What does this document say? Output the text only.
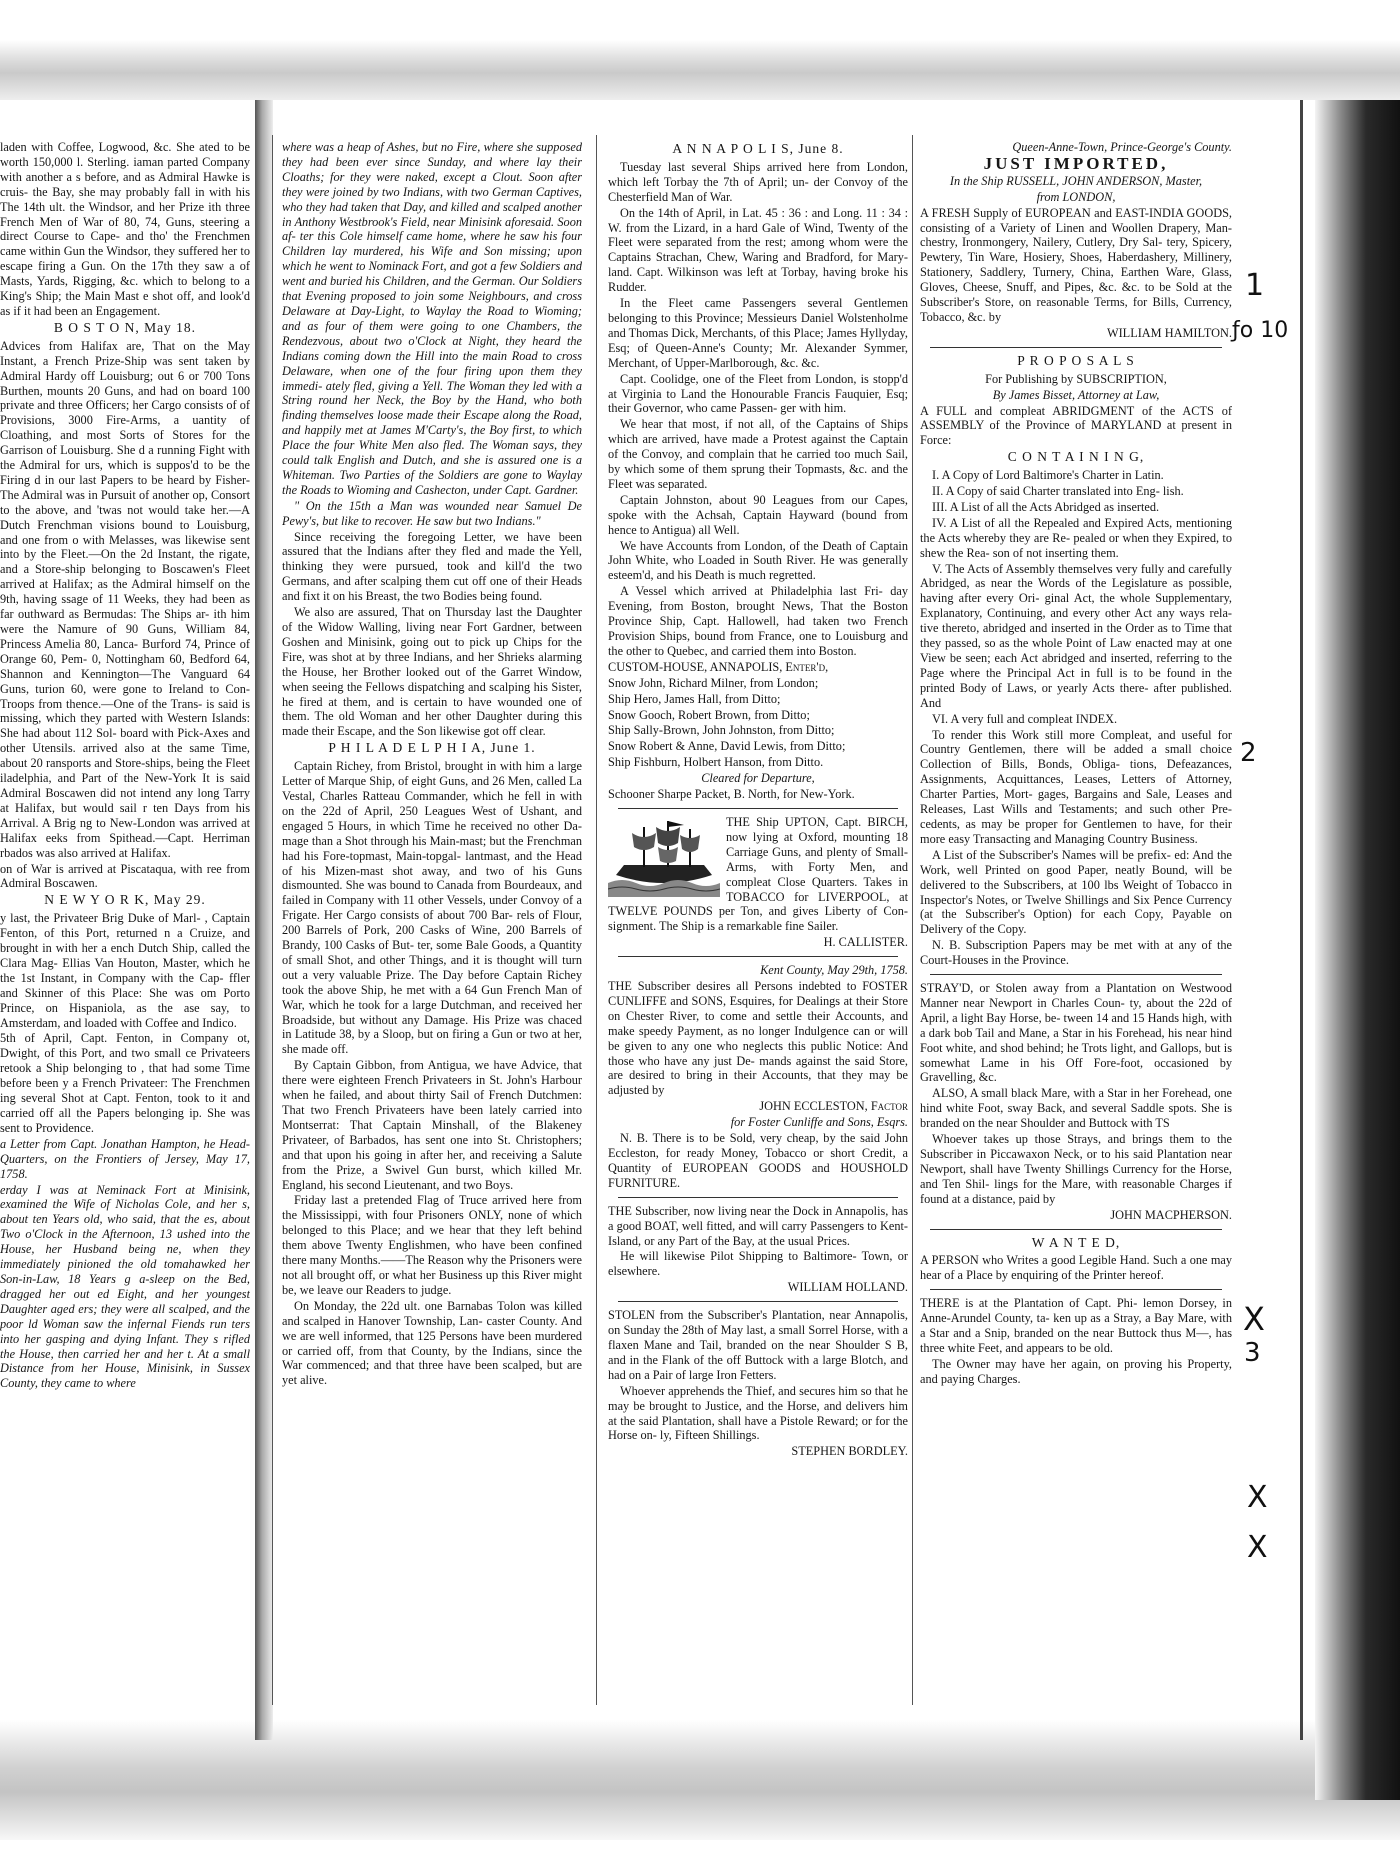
laden with Coffee, Logwood, &c. She ated to be worth 150,000 l. Sterling. iaman parted Company with another a s before, and as Admiral Hawke is cruis- the Bay, she may probably fall in with his The 14th ult. the Windsor, and her Prize ith three French Men of War of 80, 74, Guns, steering a direct Course to Cape- and tho' the Frenchmen came within Gun the Windsor, they suffered her to escape firing a Gun. On the 17th they saw a of Masts, Yards, Rigging, &c. which to belong to a King's Ship; the Main Mast e shot off, and look'd as if it had been an Engagement.

B O S T O N, May 18.

Advices from Halifax are, That on the May Instant, a French Prize-Ship was sent taken by Admiral Hardy off Louisburg; out 6 or 700 Tons Burthen, mounts 20 Guns, and had on board 100 private and three Officers; her Cargo consists of of Provisions, 3000 Fire-Arms, a uantity of Cloathing, and most Sorts of Stores for the Garrison of Louisburg. She d a running Fight with the Admiral for urs, which is suppos'd to be the Firing d in our last Papers to be heard by Fisher- The Admiral was in Pursuit of another op, Consort to the above, and 'twas not would take her.—A Dutch Frenchman visions bound to Louisburg, and one from o with Melasses, was likewise sent into by the Fleet.—On the 2d Instant, the rigate, and a Store-ship belonging to Boscawen's Fleet arrived at Halifax; as the Admiral himself on the 9th, having ssage of 11 Weeks, they had been as far outhward as Bermudas: The Ships ar- ith him were the Namure of 90 Guns, William 84, Princess Amelia 80, Lanca- Burford 74, Prince of Orange 60, Pem- 0, Nottingham 60, Bedford 64, Shannon and Kennington—The Vanguard 64 Guns, turion 60, were gone to Ireland to Con- Troops from thence.—One of the Trans- is said is missing, which they parted with Western Islands: She had about 112 Sol- board with Pick-Axes and other Utensils. arrived also at the same Time, about 20 ransports and Store-ships, being the Fleet iladelphia, and Part of the New-York It is said Admiral Boscawen did not intend any long Tarry at Halifax, but would sail r ten Days from his Arrival. A Brig ng to New-London was arrived at Halifax eeks from Spithead.—Capt. Herriman rbados was also arrived at Halifax.

on of War is arrived at Piscataqua, with ree from Admiral Boscawen.

N E W Y O R K, May 29.

y last, the Privateer Brig Duke of Marl- , Captain Fenton, of this Port, returned n a Cruize, and brought in with her a ench Dutch Ship, called the Clara Mag- Ellias Van Houton, Master, which he the 1st Instant, in Company with the Cap- ffler and Skinner of this Place: She was om Porto Prince, on Hispaniola, as the ase say, to Amsterdam, and loaded with Coffee and Indico.

5th of April, Capt. Fenton, in Company ot, Dwight, of this Port, and two small ce Privateers retook a Ship belonging to , that had some Time before been y a French Privateer: The Frenchmen ing several Shot at Capt. Fenton, took to it and carried off all the Papers belonging ip. She was sent to Providence.

a Letter from Capt. Jonathan Hampton, he Head-Quarters, on the Frontiers of Jersey, May 17, 1758.

erday I was at Neminack Fort at Minisink, examined the Wife of Nicholas Cole, and her s, about ten Years old, who said, that the es, about Two o'Clock in the Afternoon, 13 ushed into the House, her Husband being ne, when they immediately pinioned the old tomahawked her Son-in-Law, 18 Years g a-sleep on the Bed, dragged her out ed Eight, and her youngest Daughter aged ers; they were all scalped, and the poor ld Woman saw the infernal Fiends run ters into her gasping and dying Infant. They s rifled the House, then carried her and her t. At a small Distance from her House, Minisink, in Sussex County, they came to where

where was a heap of Ashes, but no Fire, where she supposed they had been ever since Sunday, and where lay their Cloaths; for they were naked, except a Clout. Soon after they were joined by two Indians, with two German Captives, who they had taken that Day, and killed and scalped another in Anthony Westbrook's Field, near Minisink aforesaid. Soon af- ter this Cole himself came home, where he saw his four Children lay murdered, his Wife and Son missing; upon which he went to Nominack Fort, and got a few Soldiers and went and buried his Children, and the German. Our Soldiers that Evening proposed to join some Neighbours, and cross Delaware at Day-Light, to Waylay the Road to Wioming; and as four of them were going to one Chambers, the Rendezvous, about two o'Clock at Night, they heard the Indians coming down the Hill into the main Road to cross Delaware, when one of the four firing upon them they immedi- ately fled, giving a Yell. The Woman they led with a String round her Neck, the Boy by the Hand, who both finding themselves loose made their Escape along the Road, and happily met at James M'Carty's, the Boy first, to which Place the four White Men also fled. The Woman says, they could talk English and Dutch, and she is assured one is a Whiteman. Two Parties of the Soldiers are gone to Waylay the Roads to Wioming and Cashecton, under Capt. Gardner.

" On the 15th a Man was wounded near Samuel De Pewy's, but like to recover. He saw but two Indians."

Since receiving the foregoing Letter, we have been assured that the Indians after they fled and made the Yell, thinking they were pursued, took and kill'd the two Germans, and after scalping them cut off one of their Heads and fixt it on his Breast, the two Bodies being found.

We also are assured, That on Thursday last the Daughter of the Widow Walling, living near Fort Gardner, between Goshen and Minisink, going out to pick up Chips for the Fire, was shot at by three Indians, and her Shrieks alarming the House, her Brother looked out of the Garret Window, when seeing the Fellows dispatching and scalping his Sister, he fired at them, and is certain to have wounded one of them. The old Woman and her other Daughter during this made their Escape, and the Son likewise got off clear.

P H I L A D E L P H I A, June 1.

Captain Richey, from Bristol, brought in with him a large Letter of Marque Ship, of eight Guns, and 26 Men, called La Vestal, Charles Ratteau Commander, which he fell in with on the 22d of April, 250 Leagues West of Ushant, and engaged 5 Hours, in which Time he received no other Da- mage than a Shot through his Main-mast; but the Frenchman had his Fore-topmast, Main-topgal- lantmast, and the Head of his Mizen-mast shot away, and two of his Guns dismounted. She was bound to Canada from Bourdeaux, and failed in Company with 11 other Vessels, under Convoy of a Frigate. Her Cargo consists of about 700 Bar- rels of Flour, 200 Barrels of Pork, 200 Casks of Wine, 200 Barrels of Brandy, 100 Casks of But- ter, some Bale Goods, a Quantity of small Shot, and other Things, and it is thought will turn out a very valuable Prize. The Day before Captain Richey took the above Ship, he met with a 64 Gun French Man of War, which he took for a large Dutchman, and received her Broadside, but without any Damage. His Prize was chaced in Latitude 38, by a Sloop, but on firing a Gun or two at her, she made off.

By Captain Gibbon, from Antigua, we have Advice, that there were eighteen French Privateers in St. John's Harbour when he failed, and about thirty Sail of French Dutchmen: That two French Privateers have been lately carried into Montserrat: That Captain Minshall, of the Blakeney Privateer, of Barbados, has sent one into St. Christophers; and that upon his going in after her, and receiving a Salute from the Prize, a Swivel Gun burst, which killed Mr. England, his second Lieutenant, and two Boys.

Friday last a pretended Flag of Truce arrived here from the Mississippi, with four Prisoners ONLY, none of which belonged to this Place; and we hear that they left behind them above Twenty Englishmen, who have been confined there many Months.——The Reason why the Prisoners were not all brought off, or what her Business up this River might be, we leave our Readers to judge.

On Monday, the 22d ult. one Barnabas Tolon was killed and scalped in Hanover Township, Lan- caster County. And we are well informed, that 125 Persons have been murdered or carried off, from that County, by the Indians, since the War commenced; and that three have been scalped, but are yet alive.

A N N A P O L I S, June 8.

Tuesday last several Ships arrived here from London, which left Torbay the 7th of April; un- der Convoy of the Chesterfield Man of War.

On the 14th of April, in Lat. 45 : 36 : and Long. 11 : 34 : W. from the Lizard, in a hard Gale of Wind, Twenty of the Fleet were separated from the rest; among whom were the Captains Strachan, Chew, Waring and Bradford, for Mary- land. Capt. Wilkinson was left at Torbay, having broke his Rudder.

In the Fleet came Passengers several Gentlemen belonging to this Province; Messieurs Daniel Wolstenholme and Thomas Dick, Merchants, of this Place; James Hyllyday, Esq; of Queen-Anne's County; Mr. Alexander Symmer, Merchant, of Upper-Marlborough, &c. &c.

Capt. Coolidge, one of the Fleet from London, is stopp'd at Virginia to Land the Honourable Francis Fauquier, Esq; their Governor, who came Passen- ger with him.

We hear that most, if not all, of the Captains of Ships which are arrived, have made a Protest against the Captain of the Convoy, and complain that he carried too much Sail, by which some of them sprung their Topmasts, &c. and the Fleet was separated.

Captain Johnston, about 90 Leagues from our Capes, spoke with the Achsah, Captain Hayward (bound from hence to Antigua) all Well.

We have Accounts from London, of the Death of Captain John White, who Loaded in South River. He was generally esteem'd, and his Death is much regretted.

A Vessel which arrived at Philadelphia last Fri- day Evening, from Boston, brought News, That the Boston Province Ship, Capt. Hallowell, had taken two French Provision Ships, bound from France, one to Louisburg and the other to Quebec, and carried them into Boston.

CUSTOM-HOUSE, ANNAPOLIS, Enter'd,

Snow John, Richard Milner, from London;

Ship Hero, James Hall, from Ditto;

Snow Gooch, Robert Brown, from Ditto;

Ship Sally-Brown, John Johnston, from Ditto;

Snow Robert & Anne, David Lewis, from Ditto;

Ship Fishburn, Holbert Hanson, from Ditto.

Cleared for Departure,

Schooner Sharpe Packet, B. North, for New-York.

THE Ship UPTON, Capt. BIRCH, now lying at Oxford, mounting 18 Carriage Guns, and plenty of Small-Arms, with Forty Men, and compleat Close Quarters. Takes in TOBACCO for LIVERPOOL, at TWELVE POUNDS per Ton, and gives Liberty of Con- signment. The Ship is a remarkable fine Sailer.

H. CALLISTER.

Kent County, May 29th, 1758.

THE Subscriber desires all Persons indebted to FOSTER CUNLIFFE and SONS, Esquires, for Dealings at their Store on Chester River, to come and settle their Accounts, and make speedy Payment, as no longer Indulgence can or will be given to any one who neglects this public Notice: And those who have any just De- mands against the said Store, are desired to bring in their Accounts, that they may be adjusted by

JOHN ECCLESTON, Factor

for Foster Cunliffe and Sons, Esqrs.

N. B. There is to be Sold, very cheap, by the said John Eccleston, for ready Money, Tobacco or short Credit, a Quantity of EUROPEAN GOODS and HOUSHOLD FURNITURE.

THE Subscriber, now living near the Dock in Annapolis, has a good BOAT, well fitted, and will carry Passengers to Kent-Island, or any Part of the Bay, at the usual Prices.

He will likewise Pilot Shipping to Baltimore- Town, or elsewhere.

WILLIAM HOLLAND.

STOLEN from the Subscriber's Plantation, near Annapolis, on Sunday the 28th of May last, a small Sorrel Horse, with a flaxen Mane and Tail, branded on the near Shoulder S B, and in the Flank of the off Buttock with a large Blotch, and had on a Pair of large Iron Fetters.

Whoever apprehends the Thief, and secures him so that he may be brought to Justice, and the Horse, and delivers him at the said Plantation, shall have a Pistole Reward; or for the Horse on- ly, Fifteen Shillings.

STEPHEN BORDLEY.

Queen-Anne-Town, Prince-George's County.

JUST IMPORTED,

In the Ship RUSSELL, JOHN ANDERSON, Master,

from LONDON,

A FRESH Supply of EUROPEAN and EAST-INDIA GOODS, consisting of a Variety of Linen and Woollen Drapery, Man- chestry, Ironmongery, Nailery, Cutlery, Dry Sal- tery, Spicery, Pewtery, Tin Ware, Hosiery, Shoes, Haberdashery, Millinery, Stationery, Saddlery, Turnery, China, Earthen Ware, Glass, Gloves, Cheese, Snuff, and Pipes, &c. &c. to be Sold at the Subscriber's Store, on reasonable Terms, for Bills, Currency, Tobacco, &c. by

WILLIAM HAMILTON.

P R O P O S A L S

For Publishing by SUBSCRIPTION,

By James Bisset, Attorney at Law,

A FULL and compleat ABRIDGMENT of the ACTS of ASSEMBLY of the Province of MARYLAND at present in Force:

C O N T A I N I N G,

I. A Copy of Lord Baltimore's Charter in Latin.

II. A Copy of said Charter translated into Eng- lish.

III. A List of all the Acts Abridged as inserted.

IV. A List of all the Repealed and Expired Acts, mentioning the Acts whereby they are Re- pealed or when they Expired, to shew the Rea- son of not inserting them.

V. The Acts of Assembly themselves very fully and carefully Abridged, as near the Words of the Legislature as possible, having after every Ori- ginal Act, the whole Supplementary, Explanatory, Continuing, and every other Act any ways rela- tive thereto, abridged and inserted in the Order as to Time that they passed, so as the whole Point of Law enacted may at one View be seen; each Act abridged and inserted, referring to the Page where the Principal Act in full is to be found in the printed Body of Laws, or yearly Acts there- after published. And

VI. A very full and compleat INDEX.

To render this Work still more Compleat, and useful for Country Gentlemen, there will be added a small choice Collection of Bills, Bonds, Obliga- tions, Defeazances, Assignments, Acquittances, Leases, Letters of Attorney, Charter Parties, Mort- gages, Bargains and Sale, Leases and Releases, Last Wills and Testaments; and such other Pre- cedents, as may be proper for Gentlemen to have, for their more easy Transacting and Managing Country Business.

A List of the Subscriber's Names will be prefix- ed: And the Work, well Printed on good Paper, neatly Bound, will be delivered to the Subscribers, at 100 lbs Weight of Tobacco in Inspector's Notes, or Twelve Shillings and Six Pence Currency (at the Subscriber's Option) for each Copy, Payable on Delivery of the Copy.

N. B. Subscription Papers may be met with at any of the Court-Houses in the Province.

STRAY'D, or Stolen away from a Plantation on Westwood Manner near Newport in Charles Coun- ty, about the 22d of April, a light Bay Horse, be- tween 14 and 15 Hands high, with a dark bob Tail and Mane, a Star in his Forehead, his near hind Foot white, and shod behind; he Trots light, and Gallops, but is somewhat Lame in his Off Fore-foot, occasioned by Gravelling, &c.

ALSO, A small black Mare, with a Star in her Forehead, one hind white Foot, sway Back, and several Saddle spots. She is branded on the near Shoulder and Buttock with TS

Whoever takes up those Strays, and brings them to the Subscriber in Piccawaxon Neck, or to his said Plantation near Newport, shall have Twenty Shillings Currency for the Horse, and Ten Shil- lings for the Mare, with reasonable Charges if found at a distance, paid by

JOHN MACPHERSON.

W A N T E D,

A PERSON who Writes a good Legible Hand. Such a one may hear of a Place by enquiring of the Printer hereof.

THERE is at the Plantation of Capt. Phi- lemon Dorsey, in Anne-Arundel County, ta- ken up as a Stray, a Bay Mare, with a Star and a Snip, branded on the near Buttock thus M—, has three white Feet, and appears to be old.

The Owner may have her again, on proving his Property, and paying Charges.

1
ƒo 10
2
X
3
X
X
